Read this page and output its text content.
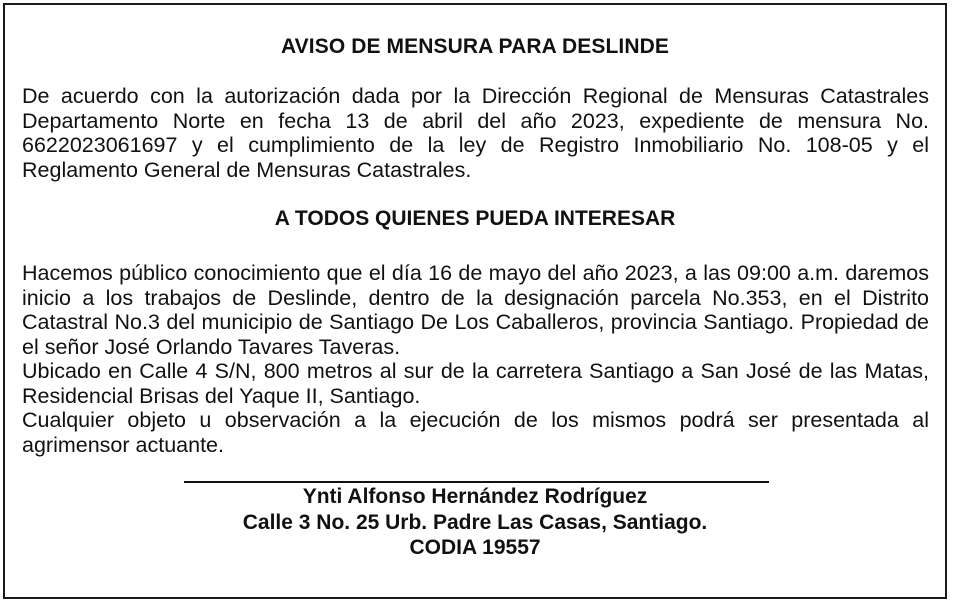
AVISO DE MENSURA PARA DESLINDE
De acuerdo con la autorización dada por la Dirección Regional de Mensuras Catastrales Departamento Norte en fecha 13 de abril del año 2023, expediente de mensura No. 6622023061697 y el cumplimiento de la ley de Registro Inmobiliario No. 108-05 y el Reglamento General de Mensuras Catastrales.
A TODOS QUIENES PUEDA INTERESAR
Hacemos público conocimiento que el día 16 de mayo del año 2023, a las 09:00 a.m. daremos inicio a los trabajos de Deslinde, dentro de la designación parcela No.353, en el Distrito Catastral No.3 del municipio de Santiago De Los Caballeros, provincia Santiago. Propiedad de el señor José Orlando Tavares Taveras.
Ubicado en Calle 4 S/N, 800 metros al sur de la carretera Santiago a San José de las Matas, Residencial Brisas del Yaque II, Santiago.
Cualquier objeto u observación a la ejecución de los mismos podrá ser presentada al agrimensor actuante.
Ynti Alfonso Hernández Rodríguez
Calle 3 No. 25 Urb. Padre Las Casas, Santiago.
CODIA 19557
